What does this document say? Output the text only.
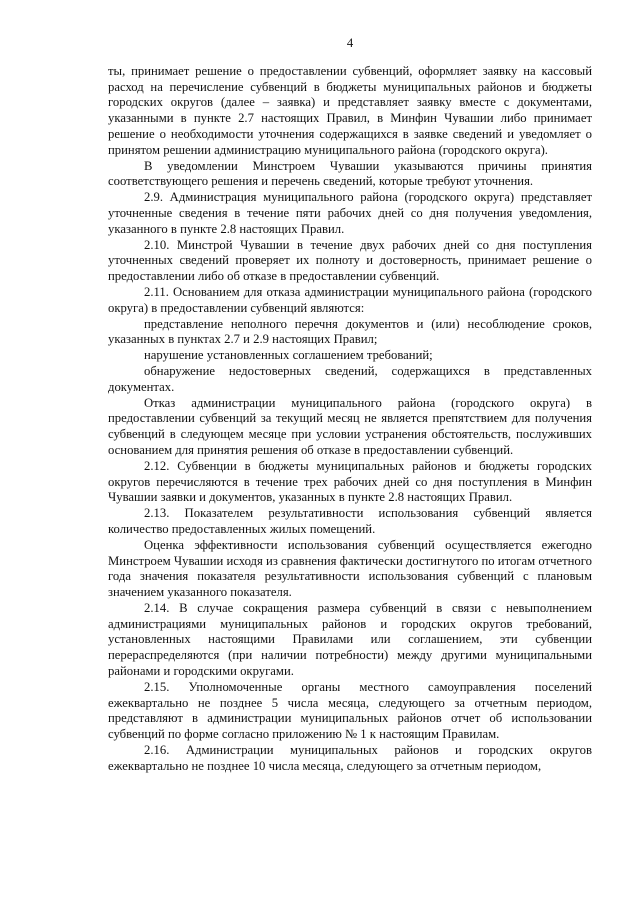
4

ты, принимает решение о предоставлении субвенций, оформляет заявку на кассовый расход на перечисление субвенций в бюджеты муниципальных районов и бюджеты городских округов (далее – заявка) и представляет заявку вместе с документами, указанными в пункте 2.7 настоящих Правил, в Минфин Чувашии либо принимает решение о необходимости уточнения содержащихся в заявке сведений и уведомляет о принятом решении администрацию муниципального района (городского округа).

В уведомлении Минстроем Чувашии указываются причины принятия соответствующего решения и перечень сведений, которые требуют уточнения.

2.9. Администрация муниципального района (городского округа) представляет уточненные сведения в течение пяти рабочих дней со дня получения уведомления, указанного в пункте 2.8 настоящих Правил.

2.10. Минстрой Чувашии в течение двух рабочих дней со дня поступления уточненных сведений проверяет их полноту и достоверность, принимает решение о предоставлении либо об отказе в предоставлении субвенций.

2.11. Основанием для отказа администрации муниципального района (городского округа) в предоставлении субвенций являются:

представление неполного перечня документов и (или) несоблюдение сроков, указанных в пунктах 2.7 и 2.9 настоящих Правил;

нарушение установленных соглашением требований;

обнаружение недостоверных сведений, содержащихся в представленных документах.

Отказ администрации муниципального района (городского округа) в предоставлении субвенций за текущий месяц не является препятствием для получения субвенций в следующем месяце при условии устранения обстоятельств, послуживших основанием для принятия решения об отказе в предоставлении субвенций.

2.12. Субвенции в бюджеты муниципальных районов и бюджеты городских округов перечисляются в течение трех рабочих дней со дня поступления в Минфин Чувашии заявки и документов, указанных в пункте 2.8 настоящих Правил.

2.13. Показателем результативности использования субвенций является количество предоставленных жилых помещений.

Оценка эффективности использования субвенций осуществляется ежегодно Минстроем Чувашии исходя из сравнения фактически достигнутого по итогам отчетного года значения показателя результативности использования субвенций с плановым значением указанного показателя.

2.14. В случае сокращения размера субвенций в связи с невыполнением администрациями муниципальных районов и городских округов требований, установленных настоящими Правилами или соглашением, эти субвенции перераспределяются (при наличии потребности) между другими муниципальными районами и городскими округами.

2.15. Уполномоченные органы местного самоуправления поселений ежеквартально не позднее 5 числа месяца, следующего за отчетным периодом, представляют в администрации муниципальных районов отчет об использовании субвенций по форме согласно приложению № 1 к настоящим Правилам.

2.16. Администрации муниципальных районов и городских округов ежеквартально не позднее 10 числа месяца, следующего за отчетным периодом,
